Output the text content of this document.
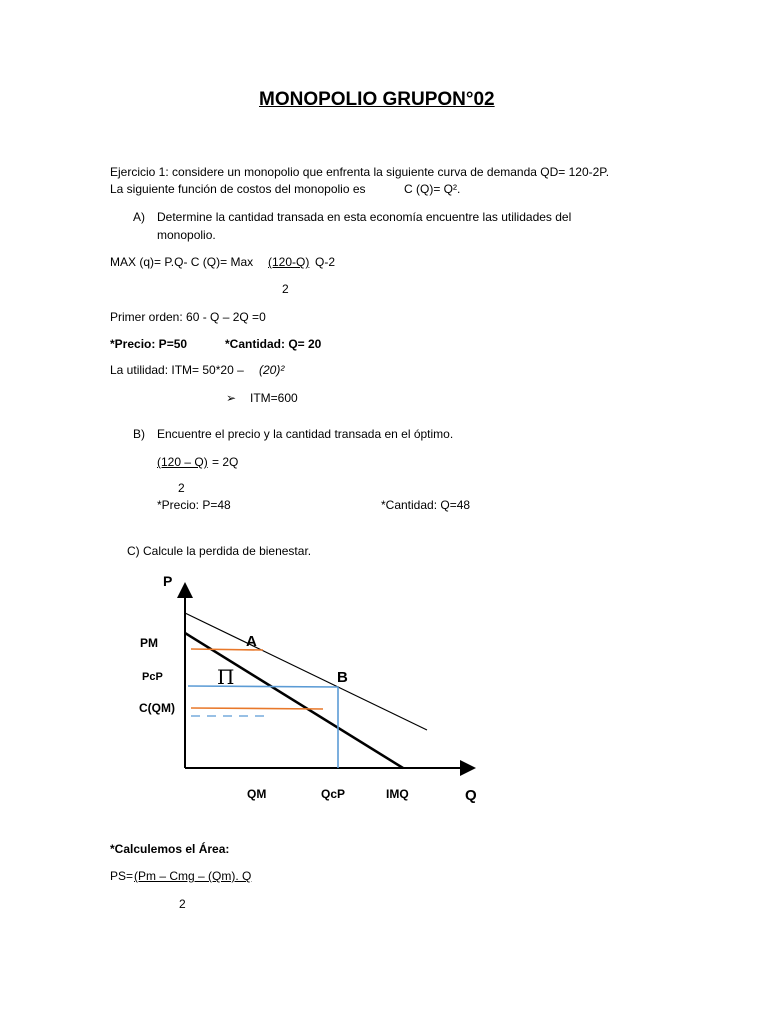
MONOPOLIO GRUPON°02
Ejercicio 1: considere un monopolio que enfrenta la siguiente curva de demanda QD= 120-2P.
La siguiente función de costos del monopolio es	C (Q)= Q².
A) Determine la cantidad transada en esta economía encuentre las utilidades del
monopolio.
MAX (q)= P.Q- C (Q)= Max (120-Q) Q-2
2
Primer orden: 60 - Q – 2Q =0
*Precio: P=50	*Cantidad: Q= 20
La utilidad: ITM= 50*20 – (20)²
➢ ITM=600
B) Encuentre el precio y la cantidad transada en el óptimo.
(120 – Q) = 2Q
2
*Precio: P=48	*Cantidad: Q=48
C) Calcule la perdida de bienestar.
P
Q
PM
PcP
C(QM)
A
B
Π
QM	QcP	IMQ
*Calculemos el Área:
PS= (Pm – Cmg – (Qm). Q
2
